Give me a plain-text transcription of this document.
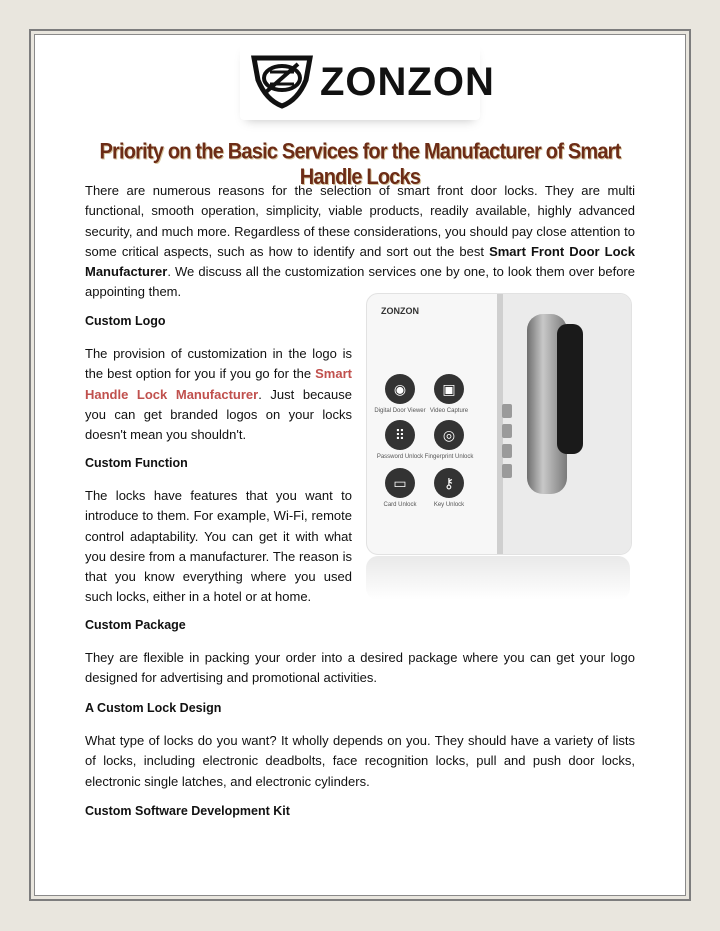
ZONZON
Priority on the Basic Services for the Manufacturer of Smart Handle Locks

There are numerous reasons for the selection of smart front door locks. They are multi functional, smooth operation, simplicity, viable products, readily available, highly advanced security, and much more. Regardless of these considerations, you should pay close attention to some critical aspects, such as how to identify and sort out the best Smart Front Door Lock Manufacturer. We discuss all the customization services one by one, to look them over before appointing them.

Custom Logo

The provision of customization in the logo is the best option for you if you go for the Smart Handle Lock Manufacturer. Just because you can get branded logos on your locks doesn't mean you shouldn't.

Custom Function

The locks have features that you want to introduce to them. For example, Wi-Fi, remote control adaptability. You can get it with what you desire from a manufacturer. The reason is that you know everything where you used such locks, either in a hotel or at home.

Custom Package

They are flexible in packing your order into a desired package where you can get your logo designed for advertising and promotional activities.

A Custom Lock Design

What type of locks do you want? It wholly depends on you. They should have a variety of lists of locks, including electronic deadbolts, face recognition locks, pull and push door locks, electronic single latches, and electronic cylinders.

Custom Software Development Kit
ZONZON
◉
Digital Door Viewer
▣
Video Capture
⠿
Password Unlock
◎
Fingerprint Unlock
▭
Card Unlock
⚷
Key Unlock
